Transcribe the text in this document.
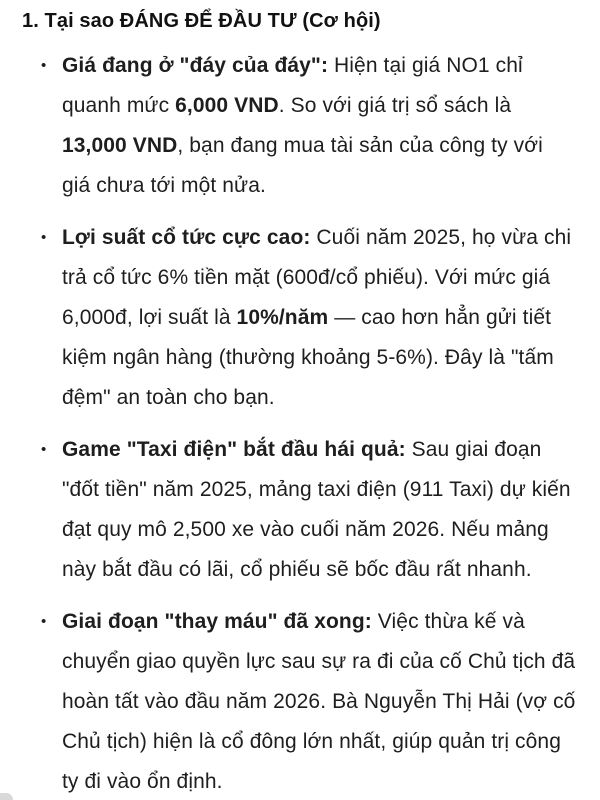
1. Tại sao ĐÁNG ĐỂ ĐẦU TƯ (Cơ hội)
• Giá đang ở "đáy của đáy": Hiện tại giá NO1 chỉ quanh mức 6,000 VND. So với giá trị sổ sách là 13,000 VND, bạn đang mua tài sản của công ty với giá chưa tới một nửa.
• Lợi suất cổ tức cực cao: Cuối năm 2025, họ vừa chi trả cổ tức 6% tiền mặt (600đ/cổ phiếu). Với mức giá 6,000đ, lợi suất là 10%/năm — cao hơn hẳn gửi tiết kiệm ngân hàng (thường khoảng 5-6%). Đây là "tấm đệm" an toàn cho bạn.
• Game "Taxi điện" bắt đầu hái quả: Sau giai đoạn "đốt tiền" năm 2025, mảng taxi điện (911 Taxi) dự kiến đạt quy mô 2,500 xe vào cuối năm 2026. Nếu mảng này bắt đầu có lãi, cổ phiếu sẽ bốc đầu rất nhanh.
• Giai đoạn "thay máu" đã xong: Việc thừa kế và chuyển giao quyền lực sau sự ra đi của cố Chủ tịch đã hoàn tất vào đầu năm 2026. Bà Nguyễn Thị Hải (vợ cố Chủ tịch) hiện là cổ đông lớn nhất, giúp quản trị công ty đi vào ổn định.
